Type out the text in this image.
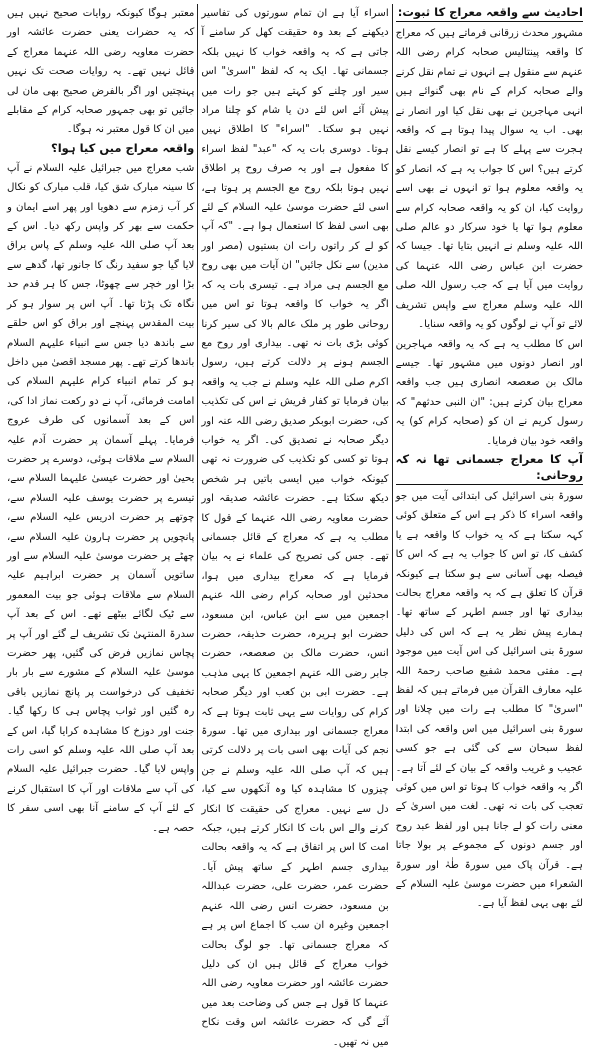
احادیث سے واقعہ معراج کا ثبوت:

مشہور محدث زرقانی فرماتے ہیں کہ معراج کا واقعہ پینتالیس صحابہ کرام رضی اللہ عنہم سے منقول ہے انہوں نے تمام نقل کرنے والے صحابہ کرام کے نام بھی گنوائے ہیں انہی مہاجرین نے بھی نقل کیا اور انصار نے بھی۔ اب یہ سوال پیدا ہوتا ہے کہ واقعہ ہجرت سے پہلے کا ہے تو انصار کیسے نقل کرتے ہیں؟ اس کا جواب یہ ہے کہ انصار کو یہ واقعہ معلوم ہوا تو انہوں نے بھی اسے روایت کیا، ان کو یہ واقعہ صحابہ کرام سے معلوم ہوا تھا یا خود سرکار دو عالم صلی اللہ علیہ وسلم نے انہیں بتایا تھا۔ جیسا کہ حضرت ابن عباس رضی اللہ عنہما کی روایت میں آیا ہے کہ جب رسول اللہ صلی اللہ علیہ وسلم معراج سے واپس تشریف لائے تو آپ نے لوگوں کو یہ واقعہ سنایا۔

اس کا مطلب یہ ہے کہ یہ واقعہ مہاجرین اور انصار دونوں میں مشہور تھا۔ جیسے مالک بن صعصعہ انصاری ہیں جب واقعہ معراج بیان کرتے ہیں: "ان النبی حدثھم" کہ رسول کریم نے ان کو (صحابہ کرام کو) یہ واقعہ خود بیان فرمایا۔

آپ کا معراج جسمانی تھا نہ کہ روحانی:

سورۃ بنی اسرائیل کی ابتدائی آیت میں جو واقعہ اسراء کا ذکر ہے اس کے متعلق کوئی کہہ سکتا ہے کہ یہ خواب کا واقعہ ہے یا کشف کا، تو اس کا جواب یہ ہے کہ اس کا فیصلہ بھی آسانی سے ہو سکتا ہے کیونکہ قرآن کا تعلق ہے کہ یہ واقعہ معراج بحالت بیداری تھا اور جسم اطہر کے ساتھ تھا۔ ہمارے پیش نظر یہ ہے کہ اس کی دلیل سورۃ بنی اسرائیل کی اس آیت میں موجود ہے۔ مفتی محمد شفیع صاحب رحمۃ اللہ علیہ معارف القرآن میں فرماتے ہیں کہ لفظ "اسریٰ" کا مطلب ہے رات میں چلانا اور سورۃ بنی اسرائیل میں اس واقعہ کی ابتدا لفظ سبحان سے کی گئی ہے جو کسی عجیب و غریب واقعہ کے بیان کے لئے آتا ہے۔ اگر یہ واقعہ خواب کا ہوتا تو اس میں کوئی تعجب کی بات نہ تھی۔ لغت میں اسریٰ کے معنی رات کو لے جانا ہیں اور لفظ عبد روح اور جسم دونوں کے مجموعے پر بولا جاتا ہے۔ قرآن پاک میں سورۃ طٰہٰ اور سورۃ الشعراء میں حضرت موسیٰ علیہ السلام کے لئے بھی یہی لفظ آیا ہے۔

اسراء آیا ہے ان تمام سورتوں کی تفاسیر دیکھنے کے بعد وہ حقیقت کھل کر سامنے آ جاتی ہے کہ یہ واقعہ خواب کا نہیں بلکہ جسمانی تھا۔ ایک یہ کہ لفظ "اسریٰ" اس سیر اور چلنے کو کہتے ہیں جو رات میں پیش آئے اس لئے دن یا شام کو چلنا مراد نہیں ہو سکتا۔ "اسراء" کا اطلاق نہیں ہوتا۔ دوسری بات یہ کہ "عبد" لفظ اسراء کا مفعول ہے اور یہ صرف روح پر اطلاق نہیں ہوتا بلکہ روح مع الجسم پر ہوتا ہے، اسی لئے حضرت موسیٰ علیہ السلام کے لئے بھی اسی لفظ کا استعمال ہوا ہے۔ "کہ آپ کو لے کر راتوں رات ان بستیوں (مصر اور مدین) سے نکل جائیں" ان آیات میں بھی روح مع الجسم ہی مراد ہے۔ تیسری بات یہ کہ اگر یہ خواب کا واقعہ ہوتا تو اس میں روحانی طور پر ملک عالم بالا کی سیر کرنا کوئی بڑی بات نہ تھی۔ بیداری اور روح مع الجسم ہونے پر دلالت کرتے ہیں، رسول اکرم صلی اللہ علیہ وسلم نے جب یہ واقعہ بیان فرمایا تو کفار قریش نے اس کی تکذیب کی، حضرت ابوبکر صدیق رضی اللہ عنہ اور دیگر صحابہ نے تصدیق کی۔ اگر یہ خواب ہوتا تو کسی کو تکذیب کی ضرورت نہ تھی کیونکہ خواب میں ایسی باتیں ہر شخص دیکھ سکتا ہے۔ حضرت عائشہ صدیقہ اور حضرت معاویہ رضی اللہ عنہما کے قول کا مطلب یہ ہے کہ معراج کے قائل جسمانی تھے۔ جس کی تصریح کی علماء نے یہ بیان فرمایا ہے کہ معراج بیداری میں ہوا، محدثین اور صحابہ کرام رضی اللہ عنہم اجمعین میں سے ابن عباس، ابن مسعود، حضرت ابو ہریرہ، حضرت حذیفہ، حضرت انس، حضرت مالک بن صعصعہ، حضرت جابر رضی اللہ عنہم اجمعین کا یہی مذہب ہے۔ حضرت ابی بن کعب اور دیگر صحابہ کرام کی روایات سے یہی ثابت ہوتا ہے کہ معراج جسمانی اور بیداری میں تھا۔ سورۃ نجم کی آیات بھی اسی بات پر دلالت کرتی ہیں کہ آپ صلی اللہ علیہ وسلم نے جن چیزوں کا مشاہدہ کیا وہ آنکھوں سے کیا، دل سے نہیں۔ معراج کی حقیقت کا انکار کرنے والے اس بات کا انکار کرتے ہیں، جبکہ امت کا اس پر اتفاق ہے کہ یہ واقعہ بحالت بیداری جسم اطہر کے ساتھ پیش آیا۔ حضرت عمر، حضرت علی، حضرت عبداللہ بن مسعود، حضرت انس رضی اللہ عنہم اجمعین وغیرہ ان سب کا اجماع اس پر ہے کہ معراج جسمانی تھا۔ جو لوگ بحالت خواب معراج کے قائل ہیں ان کی دلیل حضرت عائشہ اور حضرت معاویہ رضی اللہ عنہما کا قول ہے جس کی وضاحت بعد میں آئے گی کہ حضرت عائشہ اس وقت نکاح میں نہ تھیں۔

معتبر ہوگا کیونکہ روایات صحیح نہیں ہیں کہ یہ حضرات یعنی حضرت عائشہ اور حضرت معاویہ رضی اللہ عنہما معراج کے قائل نہیں تھے۔ یہ روایات صحت تک نہیں پہنچتیں اور اگر بالفرض صحیح بھی مان لی جائیں تو بھی جمہور صحابہ کرام کے مقابلے میں ان کا قول معتبر نہ ہوگا۔

واقعہ معراج میں کیا ہوا؟

شب معراج میں جبرائیل علیہ السلام نے آپ کا سینہ مبارک شق کیا، قلب مبارک کو نکال کر آب زمزم سے دھویا اور پھر اسے ایمان و حکمت سے بھر کر واپس رکھ دیا۔ اس کے بعد آپ صلی اللہ علیہ وسلم کے پاس براق لایا گیا جو سفید رنگ کا جانور تھا، گدھے سے بڑا اور خچر سے چھوٹا، جس کا ہر قدم حد نگاہ تک پڑتا تھا۔ آپ اس پر سوار ہو کر بیت المقدس پہنچے اور براق کو اس حلقے سے باندھ دیا جس سے انبیاء علیہم السلام باندھا کرتے تھے۔ پھر مسجد اقصیٰ میں داخل ہو کر تمام انبیاء کرام علیہم السلام کی امامت فرمائی، آپ نے دو رکعت نماز ادا کی، اس کے بعد آسمانوں کی طرف عروج فرمایا۔ پہلے آسمان پر حضرت آدم علیہ السلام سے ملاقات ہوئی، دوسرے پر حضرت یحییٰ اور حضرت عیسیٰ علیہما السلام سے، تیسرے پر حضرت یوسف علیہ السلام سے، چوتھے پر حضرت ادریس علیہ السلام سے، پانچویں پر حضرت ہارون علیہ السلام سے، چھٹے پر حضرت موسیٰ علیہ السلام سے اور ساتویں آسمان پر حضرت ابراہیم علیہ السلام سے ملاقات ہوئی جو بیت المعمور سے ٹیک لگائے بیٹھے تھے۔ اس کے بعد آپ سدرۃ المنتہیٰ تک تشریف لے گئے اور آپ پر پچاس نمازیں فرض کی گئیں، پھر حضرت موسیٰ علیہ السلام کے مشورے سے بار بار تخفیف کی درخواست پر پانچ نمازیں باقی رہ گئیں اور ثواب پچاس ہی کا رکھا گیا۔ جنت اور دوزخ کا مشاہدہ کرایا گیا، اس کے بعد آپ صلی اللہ علیہ وسلم کو اسی رات واپس لایا گیا۔ حضرت جبرائیل علیہ السلام کی آپ سے ملاقات اور آپ کا استقبال کرنے کے لئے آپ کے سامنے آنا بھی اسی سفر کا حصہ ہے۔
